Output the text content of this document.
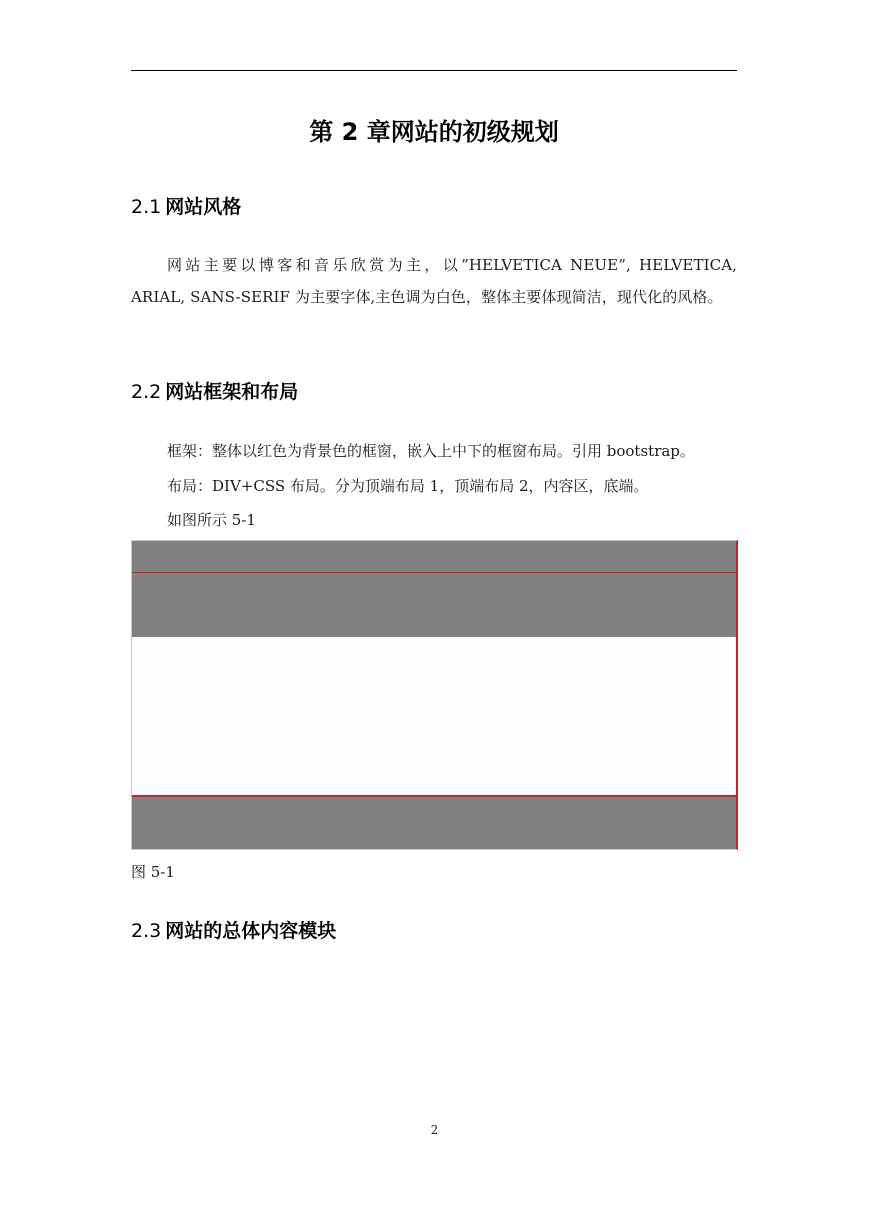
第 2 章网站的初级规划
2.1 网站风格
网站主要以博客和音乐欣赏为主，以”HELVETICA NEUE”, HELVETICA, ARIAL, SANS-SERIF 为主要字体,主色调为白色，整体主要体现简洁，现代化的风格。
2.2 网站框架和布局
框架：整体以红色为背景色的框窗，嵌入上中下的框窗布局。引用 bootstrap。
布局：DIV+CSS 布局。分为顶端布局 1，顶端布局 2，内容区，底端。
如图所示 5-1
图 5-1
2.3 网站的总体内容模块
2
